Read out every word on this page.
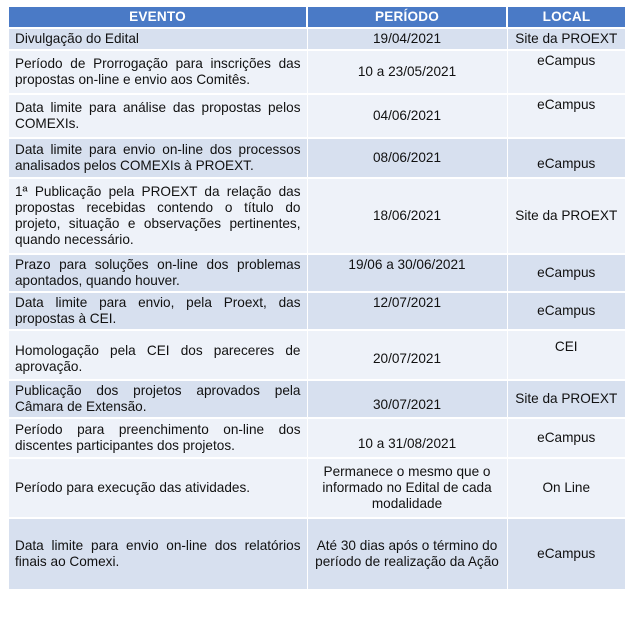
EVENTO	PERÍODO	LOCAL
Divulgação do Edital	19/04/2021	Site da PROEXT
Período de Prorrogação para inscrições das propostas on-line e envio aos Comitês.	10 a 23/05/2021	eCampus
Data limite para análise das propostas pelos COMEXIs.	04/06/2021	eCampus
Data limite para envio on-line dos processos analisados pelos COMEXIs à PROEXT.	08/06/2021	eCampus
1ª Publicação pela PROEXT da relação das propostas recebidas contendo o título do projeto, situação e observações pertinentes, quando necessário.	18/06/2021	Site da PROEXT
Prazo para soluções on-line dos problemas apontados, quando houver.	19/06 a 30/06/2021	eCampus
Data limite para envio, pela Proext, das propostas à CEI.	12/07/2021	eCampus
Homologação pela CEI dos pareceres de aprovação.	20/07/2021	CEI
Publicação dos projetos aprovados pela Câmara de Extensão.	30/07/2021	Site da PROEXT
Período para preenchimento on-line dos discentes participantes dos projetos.	10 a 31/08/2021	eCampus
Período para execução das atividades.	Permanece o mesmo que o informado no Edital de cada modalidade	On Line
Data limite para envio on-line dos relatórios finais ao Comexi.	Até 30 dias após o término do período de realização da Ação	eCampus
